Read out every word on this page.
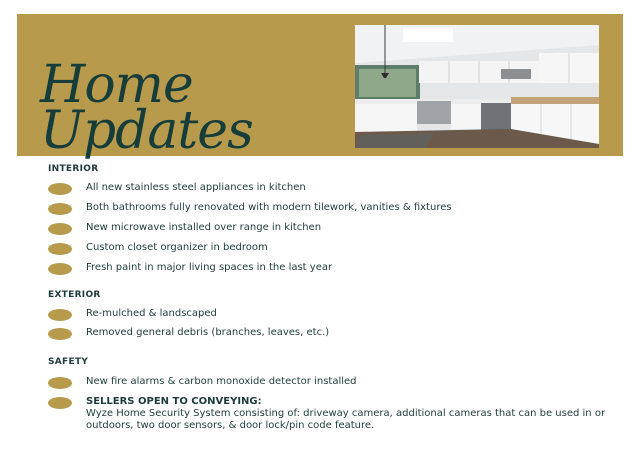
Home
Updates
INTERIOR
All new stainless steel appliances in kitchen
Both bathrooms fully renovated with modern tilework, vanities & fixtures
New microwave installed over range in kitchen
Custom closet organizer in bedroom
Fresh paint in major living spaces in the last year
EXTERIOR
Re-mulched & landscaped
Removed general debris (branches, leaves, etc.)
SAFETY
New fire alarms & carbon monoxide detector installed
SELLERS OPEN TO CONVEYING:
Wyze Home Security System consisting of: driveway camera, additional cameras that can be used in or outdoors, two door sensors, & door lock/pin code feature.
